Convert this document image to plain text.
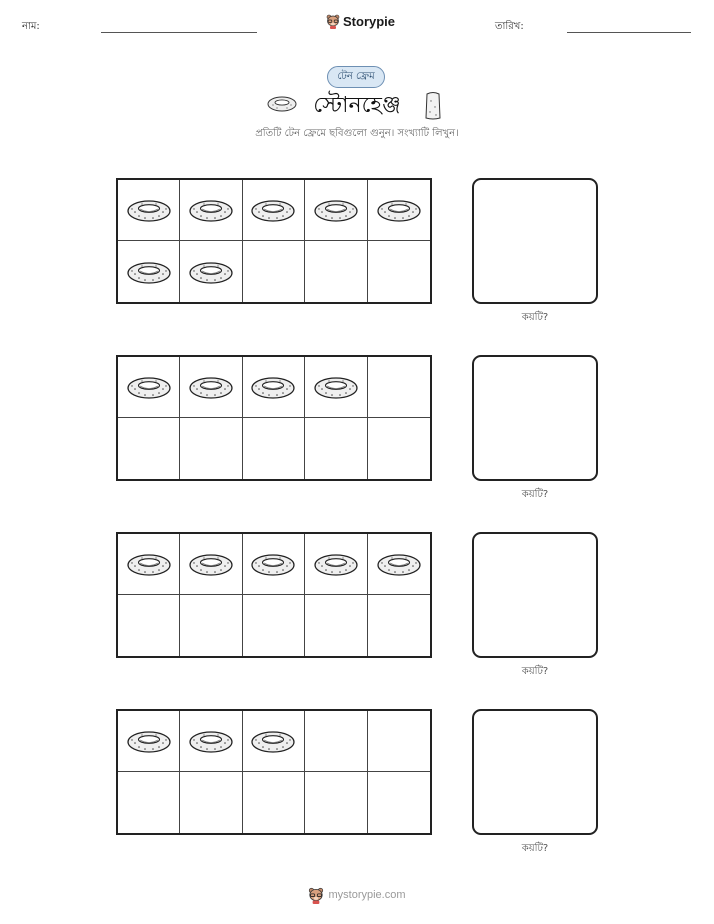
নাম:	Storypie	তারিখ:
টেন ফ্রেম
স্টোনহেঞ্জ
প্রতিটি টেন ফ্রেমে ছবিগুলো গুনুন। সংখ্যাটি লিখুন।
কয়টি?
কয়টি?
কয়টি?
কয়টি?
mystorypie.com
